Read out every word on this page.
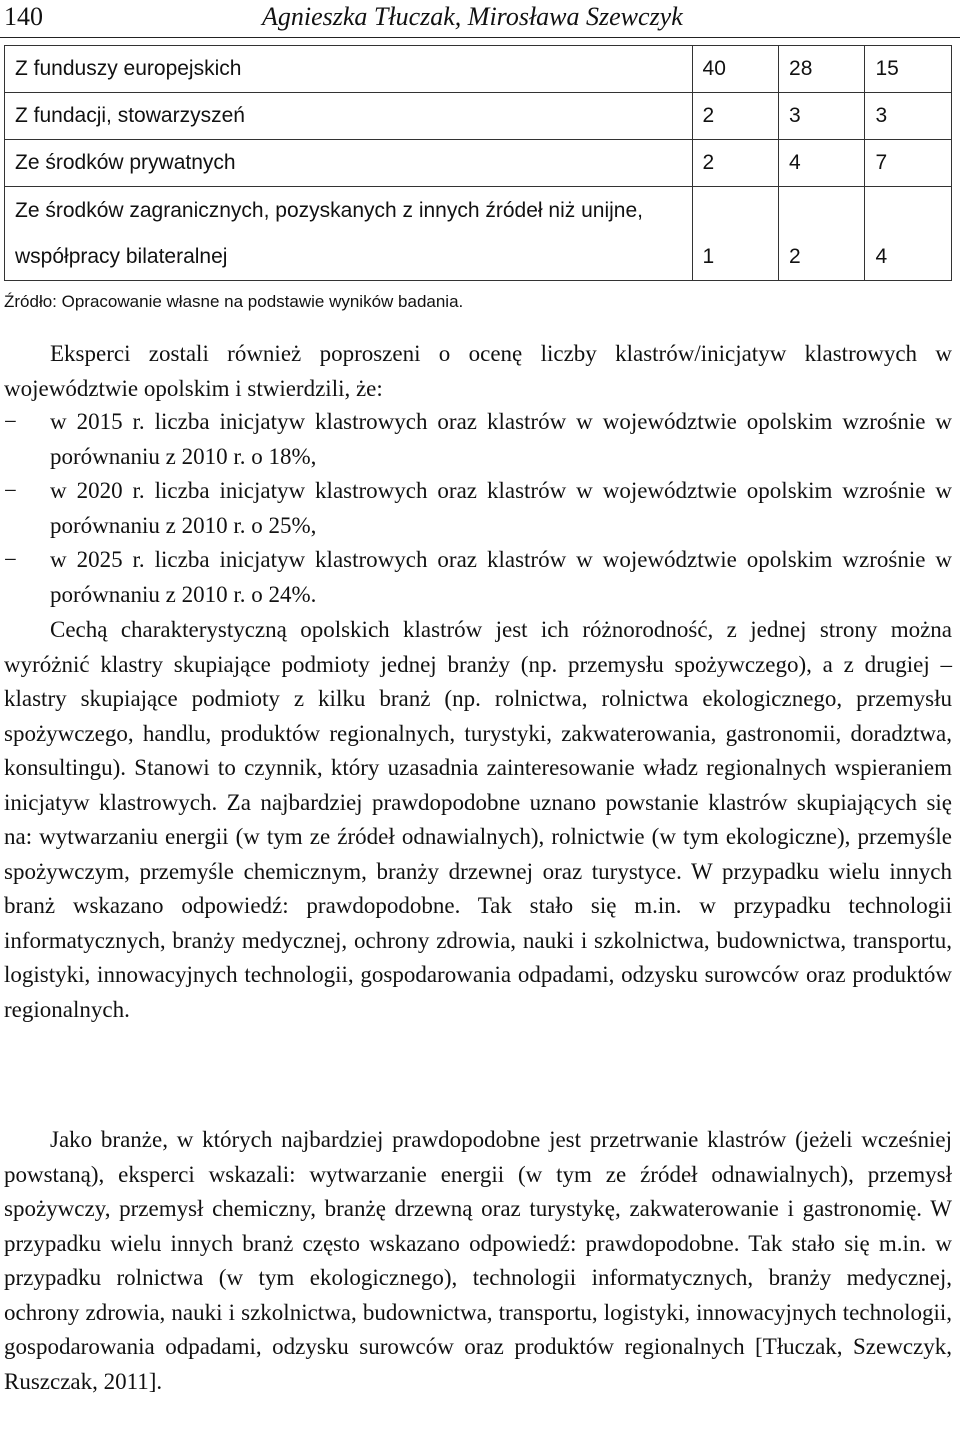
140	Agnieszka Tłuczak, Mirosława Szewczyk
Z funduszy europejskich	40	28	15
Z fundacji, stowarzyszeń	2	3	3
Ze środków prywatnych	2	4	7
Ze środków zagranicznych, pozyskanych z innych źródeł niż unijne, współpracy bilateralnej	1	2	4
Źródło: Opracowanie własne na podstawie wyników badania.

Eksperci zostali również poproszeni o ocenę liczby klastrów/inicjatyw klastrowych w województwie opolskim i stwierdzili, że:

− w 2015 r. liczba inicjatyw klastrowych oraz klastrów w województwie opolskim wzrośnie w porównaniu z 2010 r. o 18%,
− w 2020 r. liczba inicjatyw klastrowych oraz klastrów w województwie opolskim wzrośnie w porównaniu z 2010 r. o 25%,
− w 2025 r. liczba inicjatyw klastrowych oraz klastrów w województwie opolskim wzrośnie w porównaniu z 2010 r. o 24%.

Cechą charakterystyczną opolskich klastrów jest ich różnorodność, z jednej strony można wyróżnić klastry skupiające podmioty jednej branży (np. przemysłu spożywczego), a z drugiej – klastry skupiające podmioty z kilku branż (np. rolnictwa, rolnictwa ekologicznego, przemysłu spożywczego, handlu, produktów regionalnych, turystyki, zakwaterowania, gastronomii, doradztwa, konsultingu). Stanowi to czynnik, który uzasadnia zainteresowanie władz regionalnych wspieraniem inicjatyw klastrowych. Za najbardziej prawdopodobne uznano powstanie klastrów skupiających się na: wytwarzaniu energii (w tym ze źródeł odnawialnych), rolnictwie (w tym ekologiczne), przemyśle spożywczym, przemyśle chemicznym, branży drzewnej oraz turystyce. W przypadku wielu innych branż wskazano odpowiedź: prawdopodobne. Tak stało się m.in. w przypadku technologii informatycznych, branży medycznej, ochrony zdrowia, nauki i szkolnictwa, budownictwa, transportu, logistyki, innowacyjnych technologii, gospodarowania odpadami, odzysku surowców oraz produktów regionalnych.

Jako branże, w których najbardziej prawdopodobne jest przetrwanie klastrów (jeżeli wcześniej powstaną), eksperci wskazali: wytwarzanie energii (w tym ze źródeł odnawialnych), przemysł spożywczy, przemysł chemiczny, branżę drzewną oraz turystykę, zakwaterowanie i gastronomię. W przypadku wielu innych branż często wskazano odpowiedź: prawdopodobne. Tak stało się m.in. w przypadku rolnictwa (w tym ekologicznego), technologii informatycznych, branży medycznej, ochrony zdrowia, nauki i szkolnictwa, budownictwa, transportu, logistyki, innowacyjnych technologii, gospodarowania odpadami, odzysku surowców oraz produktów regionalnych [Tłuczak, Szewczyk, Ruszczak, 2011].
